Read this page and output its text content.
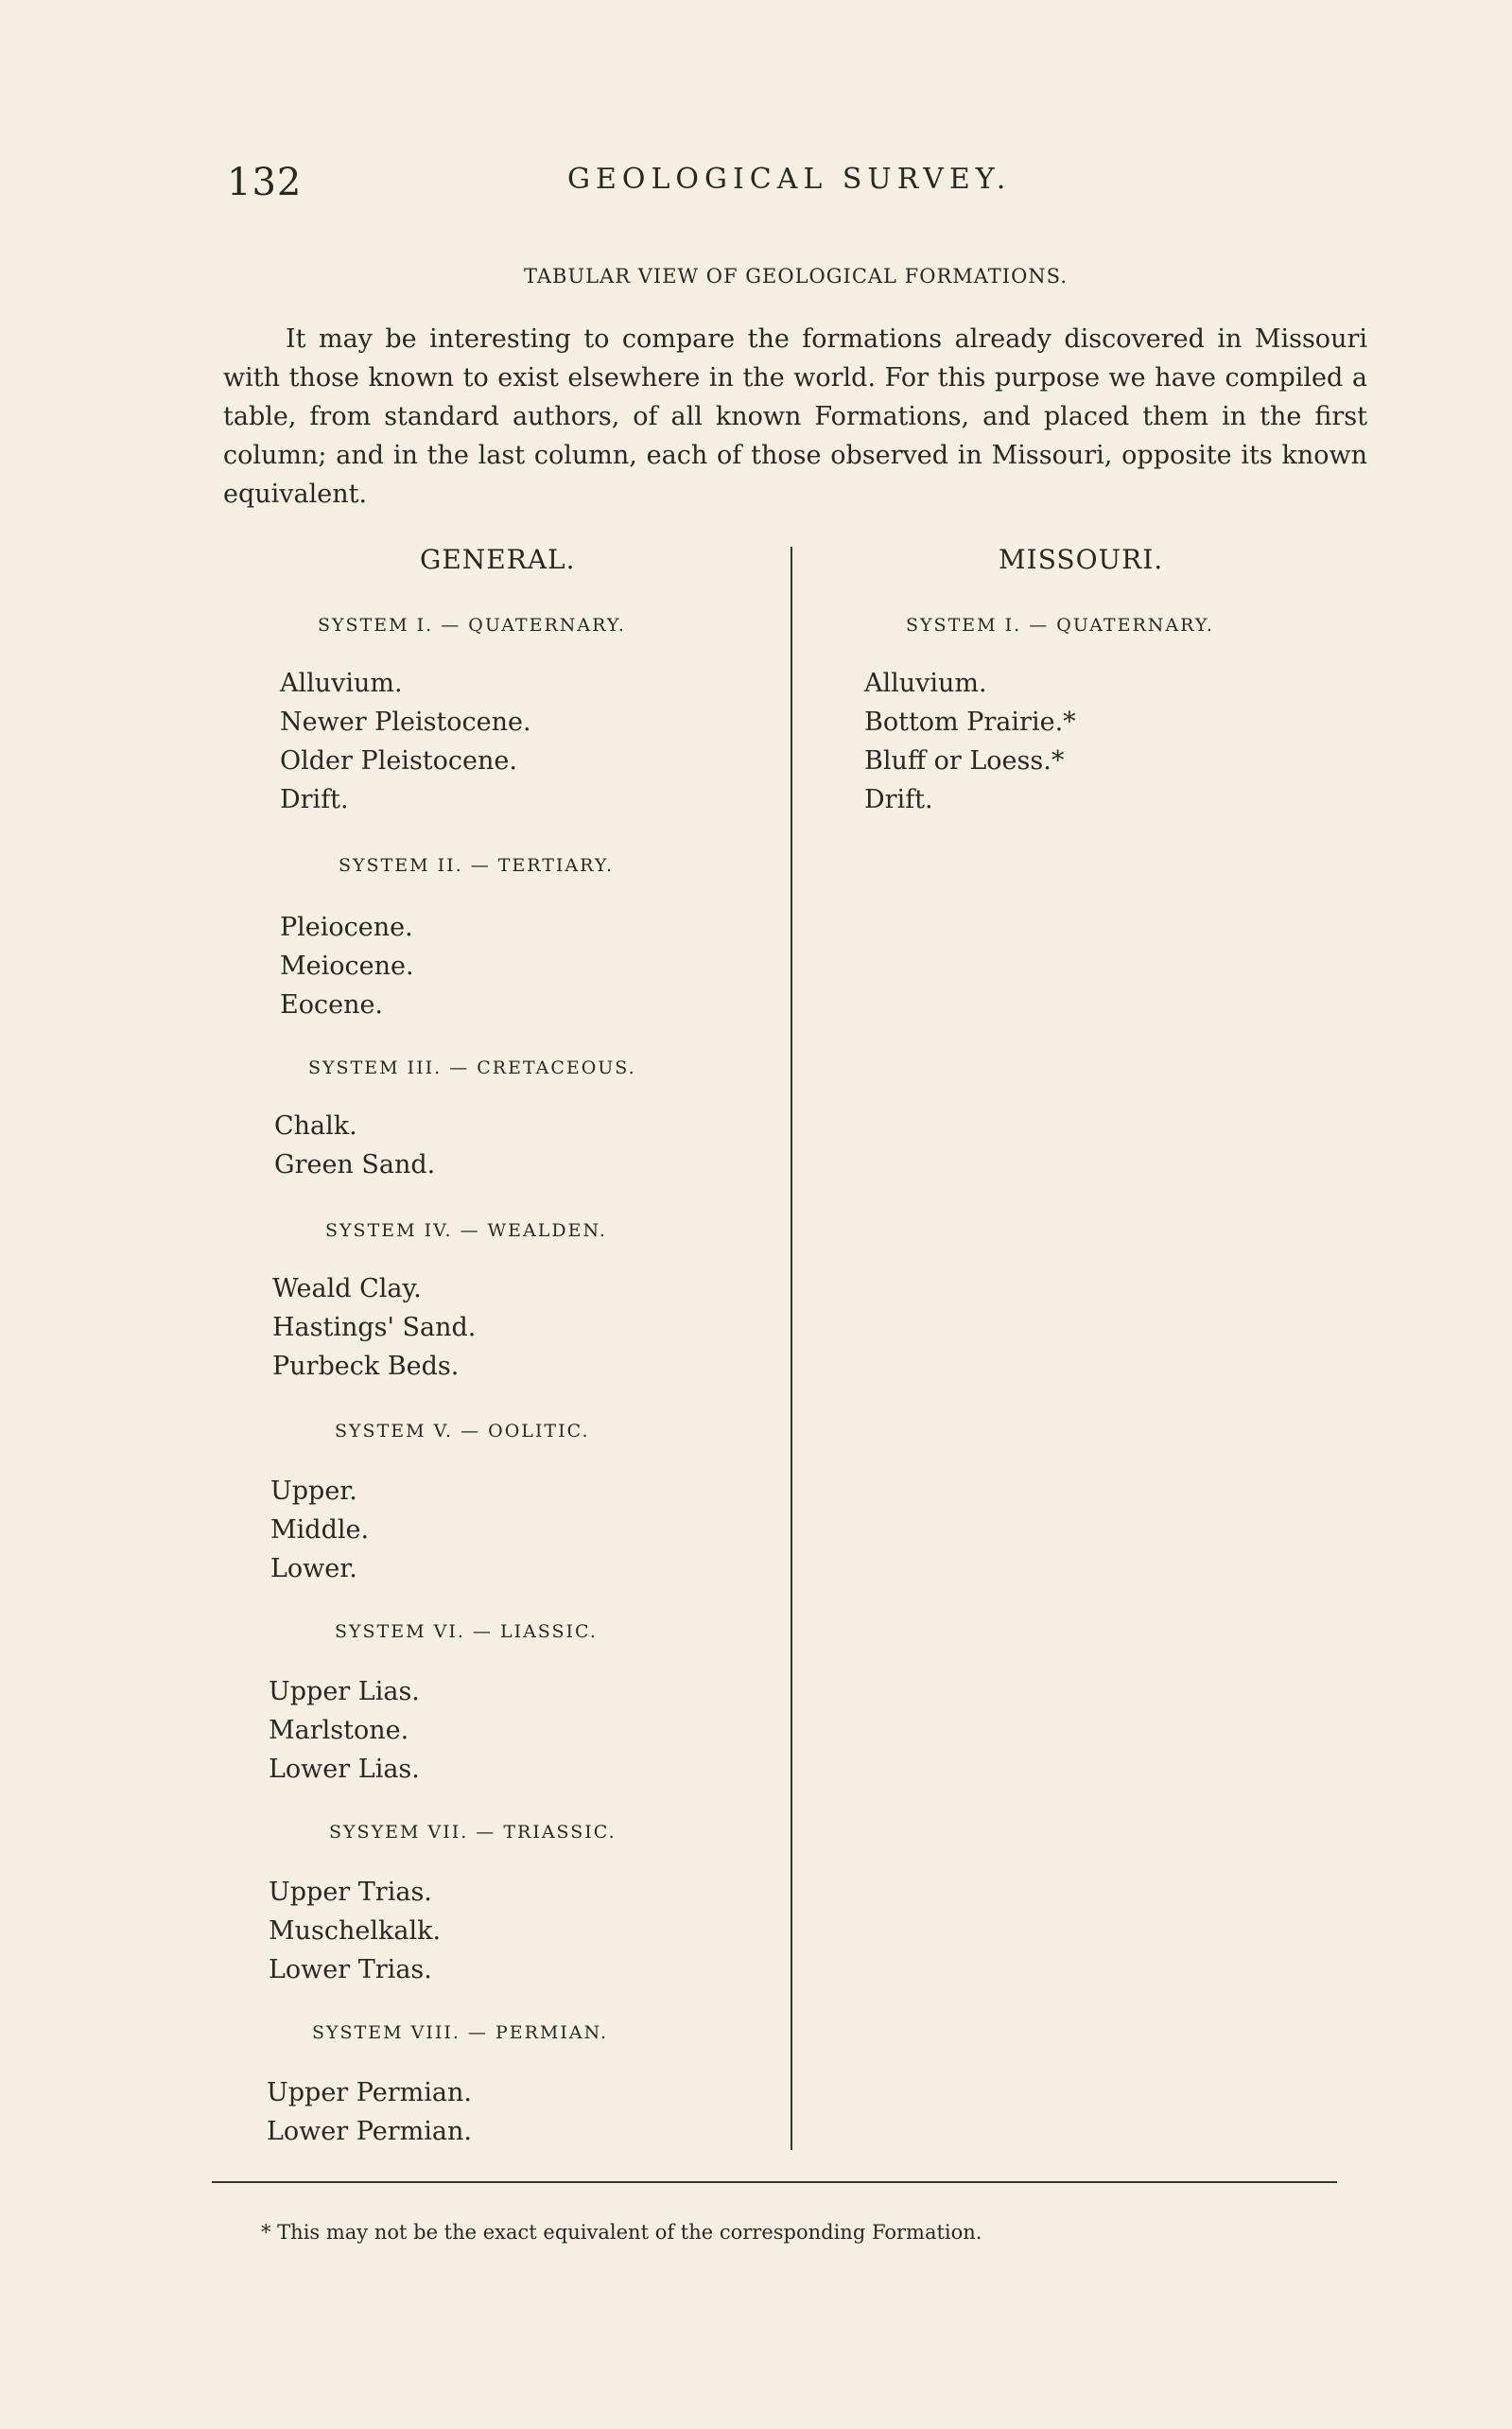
132	GEOLOGICAL SURVEY.
TABULAR VIEW OF GEOLOGICAL FORMATIONS.

It may be interesting to compare the formations already discovered in Missouri with those known to exist elsewhere in the world. For this purpose we have compiled a table, from standard authors, of all known Formations, and placed them in the first column; and in the last column, each of those observed in Missouri, opposite its known equivalent.

GENERAL.	MISSOURI.
SYSTEM I. — QUATERNARY.
Alluvium.
Newer Pleistocene.
Older Pleistocene.
Drift.
SYSTEM II. — TERTIARY.
Pleiocene.
Meiocene.
Eocene.
SYSTEM III. — CRETACEOUS.
Chalk.
Green Sand.
SYSTEM IV. — WEALDEN.
Weald Clay.
Hastings' Sand.
Purbeck Beds.
SYSTEM V. — OOLITIC.
Upper.
Middle.
Lower.
SYSTEM VI. — LIASSIC.
Upper Lias.
Marlstone.
Lower Lias.
SYSYEM VII. — TRIASSIC.
Upper Trias.
Muschelkalk.
Lower Trias.
SYSTEM VIII. — PERMIAN.
Upper Permian.
Lower Permian.
SYSTEM I. — QUATERNARY.
Alluvium.
Bottom Prairie.*
Bluff or Loess.*
Drift.
* This may not be the exact equivalent of the corresponding Formation.
